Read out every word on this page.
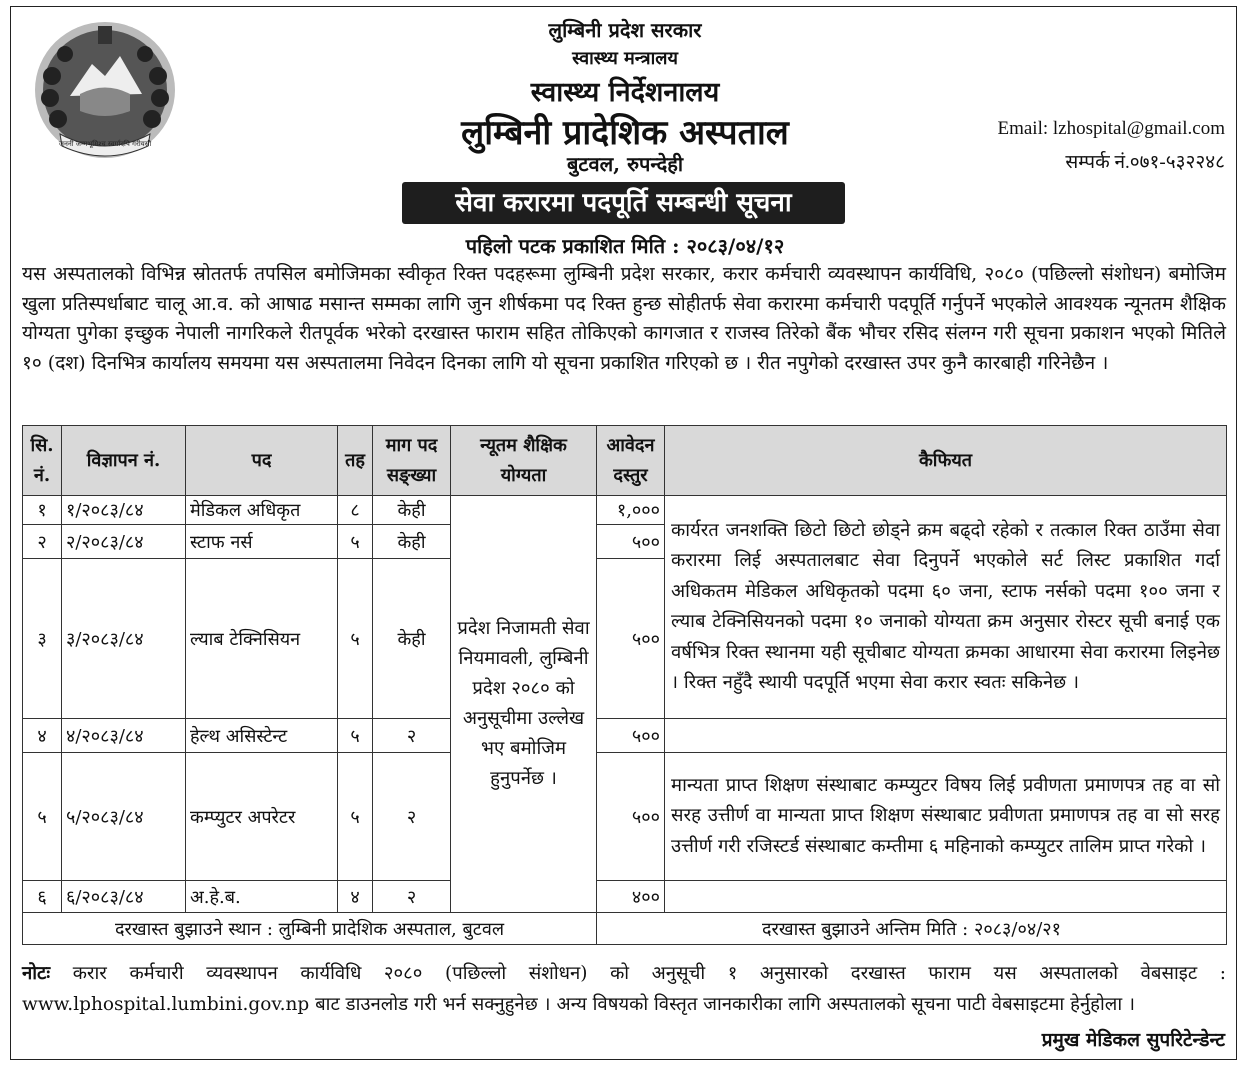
जननी जन्मभूमिश्च स्वर्गादपि गरीयसी
लुम्बिनी प्रदेश सरकार
स्वास्थ्य मन्त्रालय
स्वास्थ्य निर्देशनालय
लुम्बिनी प्रादेशिक अस्पताल
बुटवल, रुपन्देही
Email: lzhospital@gmail.com
सम्पर्क नं.०७१-५३२२४८
सेवा करारमा पदपूर्ति सम्बन्धी सूचना
पहिलो पटक प्रकाशित मिति : २०८३/०४/१२
यस अस्पतालको विभिन्न स्रोततर्फ तपसिल बमोजिमका स्वीकृत रिक्त पदहरूमा लुम्बिनी प्रदेश सरकार, करार कर्मचारी व्यवस्थापन कार्यविधि, २०८० (पछिल्लो संशोधन) बमोजिम खुला प्रतिस्पर्धाबाट चालू आ.व. को आषाढ मसान्त सम्मका लागि जुन शीर्षकमा पद रिक्त हुन्छ सोहीतर्फ सेवा करारमा कर्मचारी पदपूर्ति गर्नुपर्ने भएकोले आवश्यक न्यूनतम शैक्षिक योग्यता पुगेका इच्छुक नेपाली नागरिकले रीतपूर्वक भरेको दरखास्त फाराम सहित तोकिएको कागजात र राजस्व तिरेको बैंक भौचर रसिद संलग्न गरी सूचना प्रकाशन भएको मितिले १० (दश) दिनभित्र कार्यालय समयमा यस अस्पतालमा निवेदन दिनका लागि यो सूचना प्रकाशित गरिएको छ । रीत नपुगेको दरखास्त उपर कुनै कारबाही गरिनेछैन ।
सि. नं.	विज्ञापन नं.	पद	तह	माग पद सङ्ख्या	न्यूतम शैक्षिक योग्यता	आवेदन दस्तुर	कैफियत
१	१/२०८३/८४	मेडिकल अधिकृत	८	केही	प्रदेश निजामती सेवा नियमावली, लुम्बिनी प्रदेश २०८० को अनुसूचीमा उल्लेख भए बमोजिम हुनुपर्नेछ ।	१,०००	कार्यरत जनशक्ति छिटो छिटो छोड्ने क्रम बढ्दो रहेको र तत्काल रिक्त ठाउँमा सेवा करारमा लिई अस्पतालबाट सेवा दिनुपर्ने भएकोले सर्ट लिस्ट प्रकाशित गर्दा अधिकतम मेडिकल अधिकृतको पदमा ६० जना, स्टाफ नर्सको पदमा १०० जना र ल्याब टेक्निसियनको पदमा १० जनाको योग्यता क्रम अनुसार रोस्टर सूची बनाई एक वर्षभित्र रिक्त स्थानमा यही सूचीबाट योग्यता क्रमका आधारमा सेवा करारमा लिइनेछ । रिक्त नहुँदै स्थायी पदपूर्ति भएमा सेवा करार स्वतः सकिनेछ ।
२	२/२०८३/८४	स्टाफ नर्स	५	केही		५००	
३	३/२०८३/८४	ल्याब टेक्निसियन	५	केही		५००	
४	४/२०८३/८४	हेल्थ असिस्टेन्ट	५	२		५००	
५	५/२०८३/८४	कम्प्युटर अपरेटर	५	२		५००	मान्यता प्राप्त शिक्षण संस्थाबाट कम्प्युटर विषय लिई प्रवीणता प्रमाणपत्र तह वा सो सरह उत्तीर्ण वा मान्यता प्राप्त शिक्षण संस्थाबाट प्रवीणता प्रमाणपत्र तह वा सो सरह उत्तीर्ण गरी रजिस्टर्ड संस्थाबाट कम्तीमा ६ महिनाको कम्प्युटर तालिम प्राप्त गरेको ।
६	६/२०८३/८४	अ.हे.ब.	४	२		४००	
दरखास्त बुझाउने स्थान : लुम्बिनी प्रादेशिक अस्पताल, बुटवल						दरखास्त बुझाउने अन्तिम मिति : २०८३/०४/२१	
नोटः करार कर्मचारी व्यवस्थापन कार्यविधि २०८० (पछिल्लो संशोधन) को अनुसूची १ अनुसारको दरखास्त फाराम यस अस्पतालको वेबसाइट : www.lphospital.lumbini.gov.np बाट डाउनलोड गरी भर्न सक्नुहुनेछ । अन्य विषयको विस्तृत जानकारीका लागि अस्पतालको सूचना पाटी वेबसाइटमा हेर्नुहोला ।
प्रमुख मेडिकल सुपरिटेन्डेन्ट
